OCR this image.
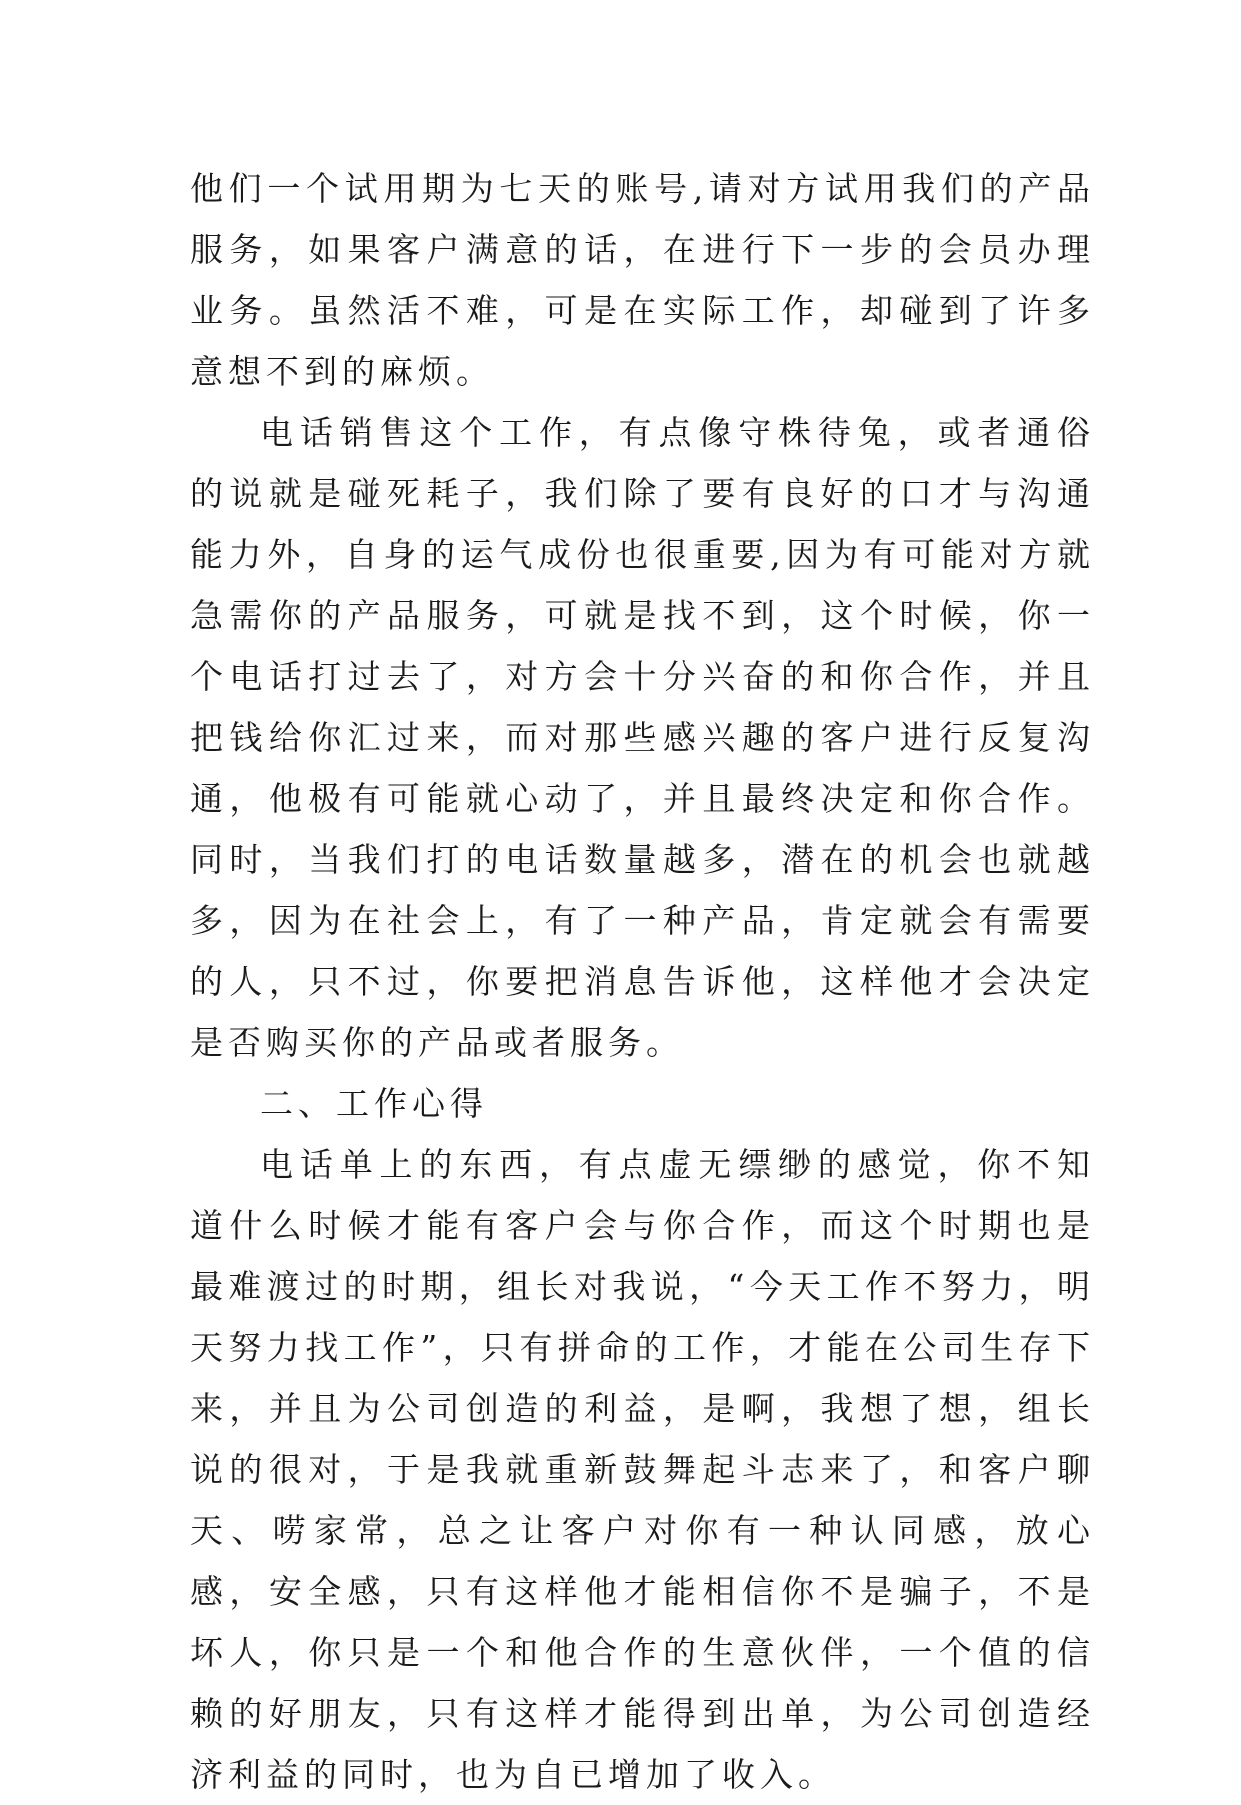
他们一个试用期为七天的账号,请对方试用我们的产品服务，如果客户满意的话，在进行下一步的会员办理业务。虽然活不难，可是在实际工作，却碰到了许多意想不到的麻烦。

电话销售这个工作，有点像守株待兔，或者通俗的说就是碰死耗子，我们除了要有良好的口才与沟通能力外，自身的运气成份也很重要,因为有可能对方就急需你的产品服务，可就是找不到，这个时候，你一个电话打过去了，对方会十分兴奋的和你合作，并且把钱给你汇过来，而对那些感兴趣的客户进行反复沟通，他极有可能就心动了，并且最终决定和你合作。同时，当我们打的电话数量越多，潜在的机会也就越多，因为在社会上，有了一种产品，肯定就会有需要的人，只不过，你要把消息告诉他，这样他才会决定是否购买你的产品或者服务。

二、工作心得

电话单上的东西，有点虚无缥缈的感觉，你不知道什么时候才能有客户会与你合作，而这个时期也是最难渡过的时期，组长对我说，“今天工作不努力，明天努力找工作”，只有拼命的工作，才能在公司生存下来，并且为公司创造的利益，是啊，我想了想，组长说的很对，于是我就重新鼓舞起斗志来了，和客户聊天、唠家常，总之让客户对你有一种认同感，放心感，安全感，只有这样他才能相信你不是骗子，不是坏人，你只是一个和他合作的生意伙伴，一个值的信赖的好朋友，只有这样才能得到出单，为公司创造经济利益的同时，也为自已增加了收入。
